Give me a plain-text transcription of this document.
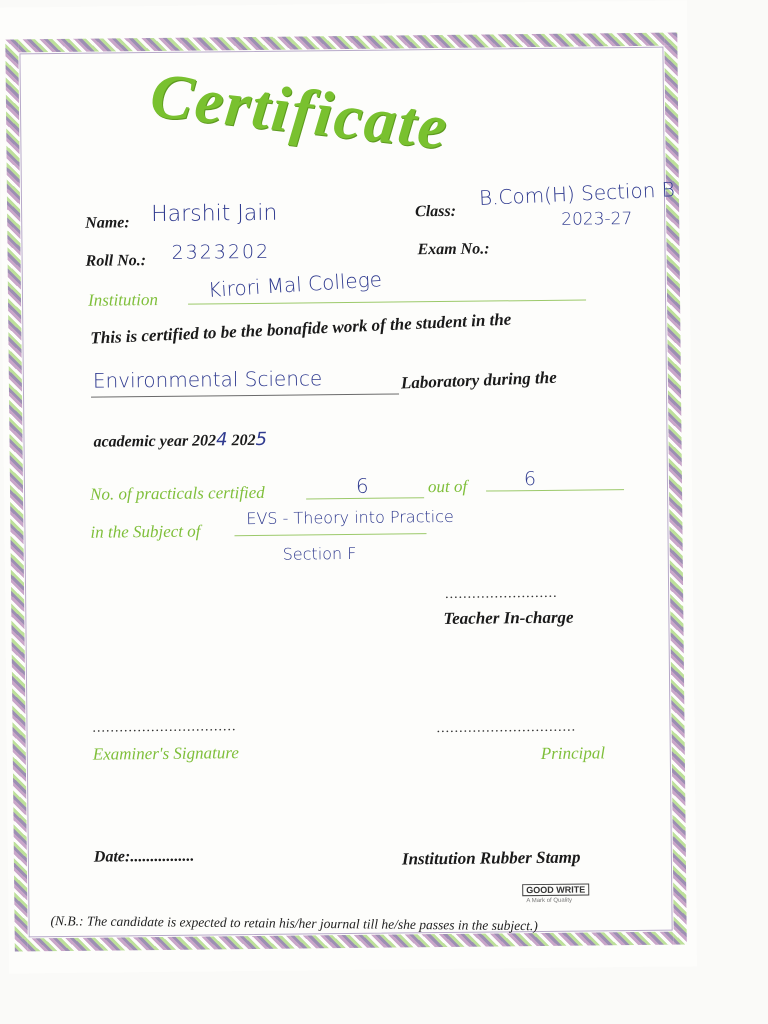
Certificate
Name: Harshit Jain	Class:
B.Com(H) Section B
2023-27
Roll No.: 2323202	Exam No.:
Institution Kirori Mal College
This is certified to be the bonafide work of the student in the
Environmental Science	Laboratory during the
academic year 2024 2025
No. of practicals certified	6	out of	6
in the Subject of
EVS - Theory into Practice
Section F
.........................
Teacher In-charge
................................
Examiner's Signature
...............................
Principal
Date:................	Institution Rubber Stamp
GOOD WRITE
A Mark of Quality
(N.B.: The candidate is expected to retain his/her journal till he/she passes in the subject.)
